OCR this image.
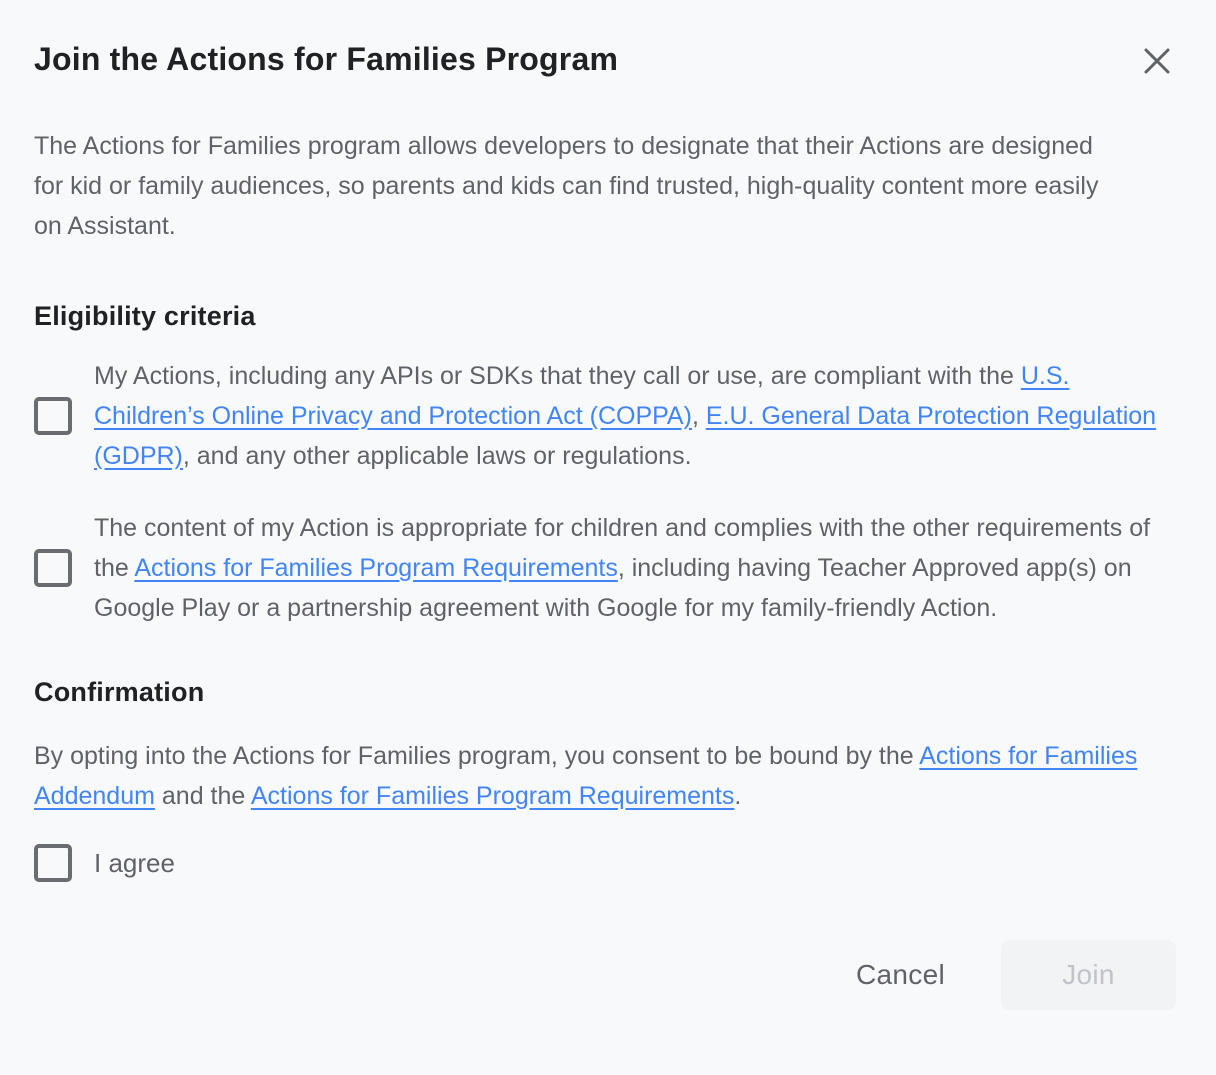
Join the Actions for Families Program

The Actions for Families program allows developers to designate that their Actions are designed for kid or family audiences, so parents and kids can find trusted, high-quality content more easily on Assistant.

Eligibility criteria

My Actions, including any APIs or SDKs that they call or use, are compliant with the U.S. Children’s Online Privacy and Protection Act (COPPA), E.U. General Data Protection Regulation (GDPR), and any other applicable laws or regulations.

The content of my Action is appropriate for children and complies with the other requirements of the Actions for Families Program Requirements, including having Teacher Approved app(s) on Google Play or a partnership agreement with Google for my family-friendly Action.

Confirmation

By opting into the Actions for Families program, you consent to be bound by the Actions for Families Addendum and the Actions for Families Program Requirements.

I agree
Cancel	Join
